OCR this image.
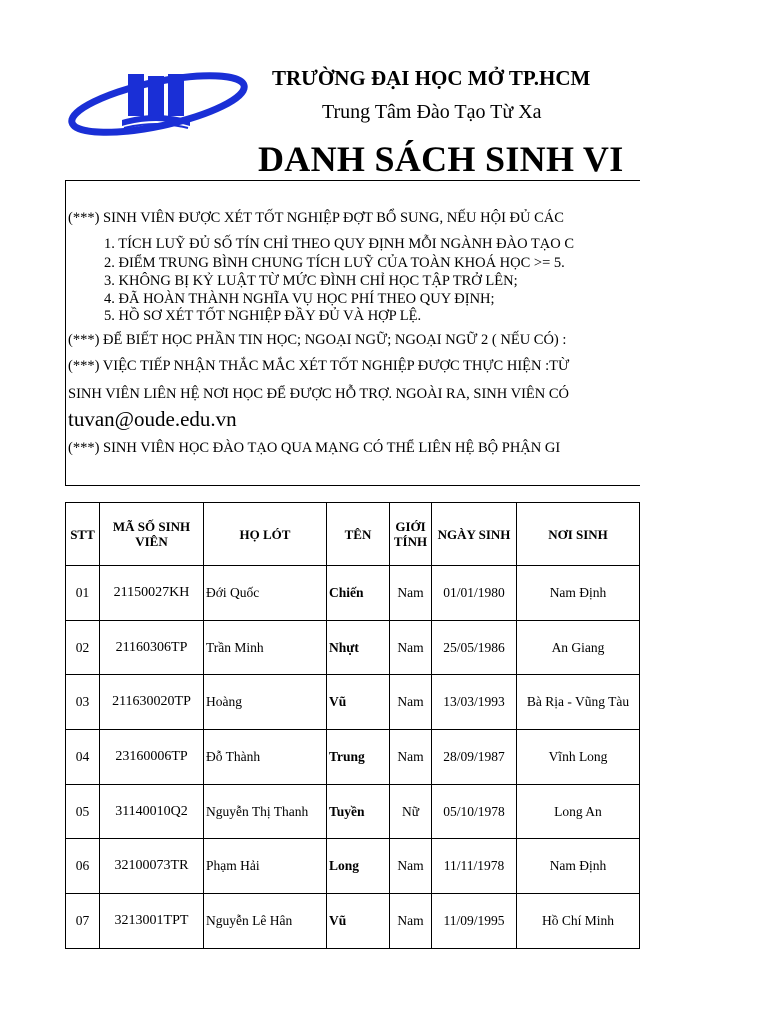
TRƯỜNG ĐẠI HỌC MỞ TP.HCM
Trung Tâm Đào Tạo Từ Xa
DANH SÁCH SINH VI
(***) SINH VIÊN ĐƯỢC XÉT TỐT NGHIỆP ĐỢT BỔ SUNG, NẾU HỘI ĐỦ CÁC
1. TÍCH LUỸ ĐỦ SỐ TÍN CHỈ THEO QUY ĐỊNH MỖI NGÀNH ĐÀO TẠO C
2. ĐIỂM TRUNG BÌNH CHUNG TÍCH LUỸ CỦA TOÀN KHOÁ HỌC >= 5.
3. KHÔNG BỊ KỶ LUẬT TỪ MỨC ĐÌNH CHỈ HỌC TẬP TRỞ LÊN;
4. ĐÃ HOÀN THÀNH NGHĨA VỤ HỌC PHÍ THEO QUY ĐỊNH;
5. HỒ SƠ XÉT TỐT NGHIỆP ĐẦY ĐỦ VÀ HỢP LỆ.
(***) ĐỂ BIẾT HỌC PHẦN TIN HỌC; NGOẠI NGỮ; NGOẠI NGỮ 2 ( NẾU CÓ) :
(***) VIỆC TIẾP NHẬN THẮC MẮC XÉT TỐT NGHIỆP ĐƯỢC THỰC HIỆN :TỪ
SINH VIÊN LIÊN HỆ NƠI HỌC ĐỂ ĐƯỢC HỖ TRỢ. NGOÀI RA, SINH VIÊN CÓ
tuvan@oude.edu.vn
(***) SINH VIÊN HỌC ĐÀO TẠO QUA MẠNG CÓ THỂ LIÊN HỆ BỘ PHẬN GI
STT	MÃ SỐ SINH VIÊN	HỌ LÓT	TÊN	GIỚI TÍNH	NGÀY SINH	NƠI SINH
01	21150027KH	Đới Quốc	Chiến	Nam	01/01/1980	Nam Định
02	21160306TP	Trần Minh	Nhựt	Nam	25/05/1986	An Giang
03	211630020TP	Hoàng	Vũ	Nam	13/03/1993	Bà Rịa - Vũng Tàu
04	23160006TP	Đỗ Thành	Trung	Nam	28/09/1987	Vĩnh Long
05	31140010Q2	Nguyễn Thị Thanh	Tuyền	Nữ	05/10/1978	Long An
06	32100073TR	Phạm Hải	Long	Nam	11/11/1978	Nam Định
07	3213001TPT	Nguyễn Lê Hân	Vũ	Nam	11/09/1995	Hồ Chí Minh
